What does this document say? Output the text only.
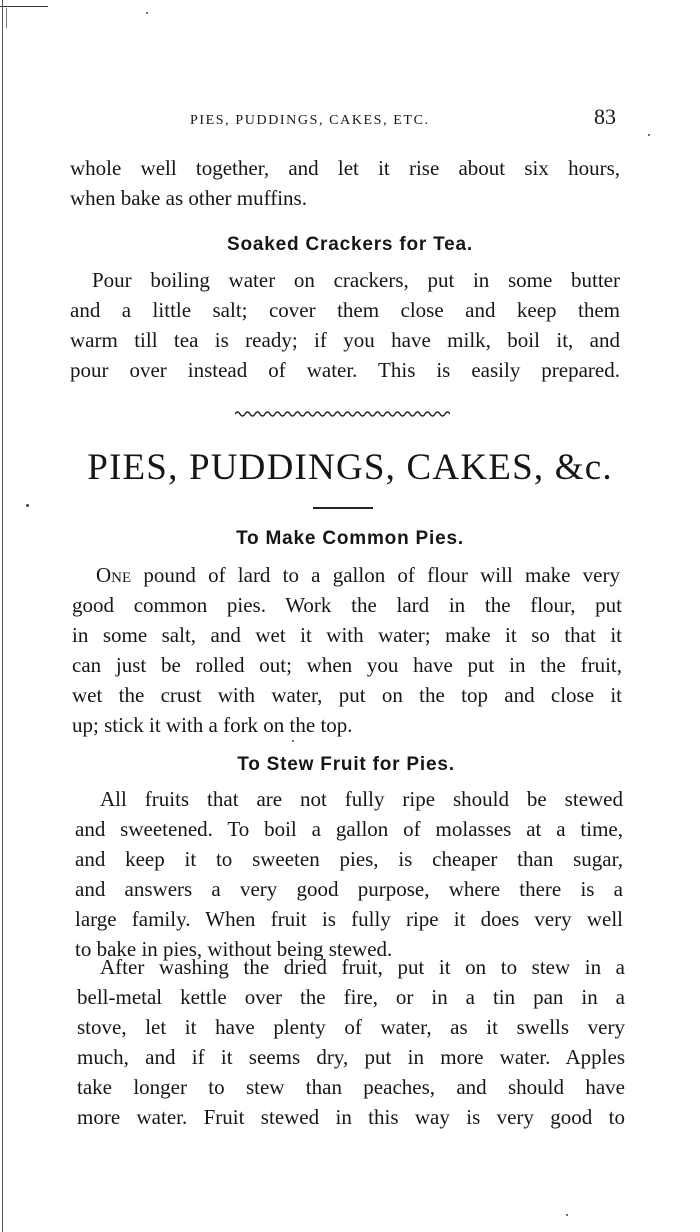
PIES, PUDDINGS, CAKES, ETC.	83
whole well together, and let it rise about six hours,
when bake as other muffins.
Soaked Crackers for Tea.
Pour boiling water on crackers, put in some butter
and a little salt; cover them close and keep them
warm till tea is ready; if you have milk, boil it, and
pour over instead of water. This is easily prepared.
PIES, PUDDINGS, CAKES, &c.
To Make Common Pies.
One pound of lard to a gallon of flour will make very
good common pies. Work the lard in the flour, put
in some salt, and wet it with water; make it so that it
can just be rolled out; when you have put in the fruit,
wet the crust with water, put on the top and close it
up; stick it with a fork on the top.
To Stew Fruit for Pies.
All fruits that are not fully ripe should be stewed
and sweetened. To boil a gallon of molasses at a time,
and keep it to sweeten pies, is cheaper than sugar,
and answers a very good purpose, where there is a
large family. When fruit is fully ripe it does very well
to bake in pies, without being stewed.
After washing the dried fruit, put it on to stew in a
bell-metal kettle over the fire, or in a tin pan in a
stove, let it have plenty of water, as it swells very
much, and if it seems dry, put in more water. Apples
take longer to stew than peaches, and should have
more water. Fruit stewed in this way is very good to
